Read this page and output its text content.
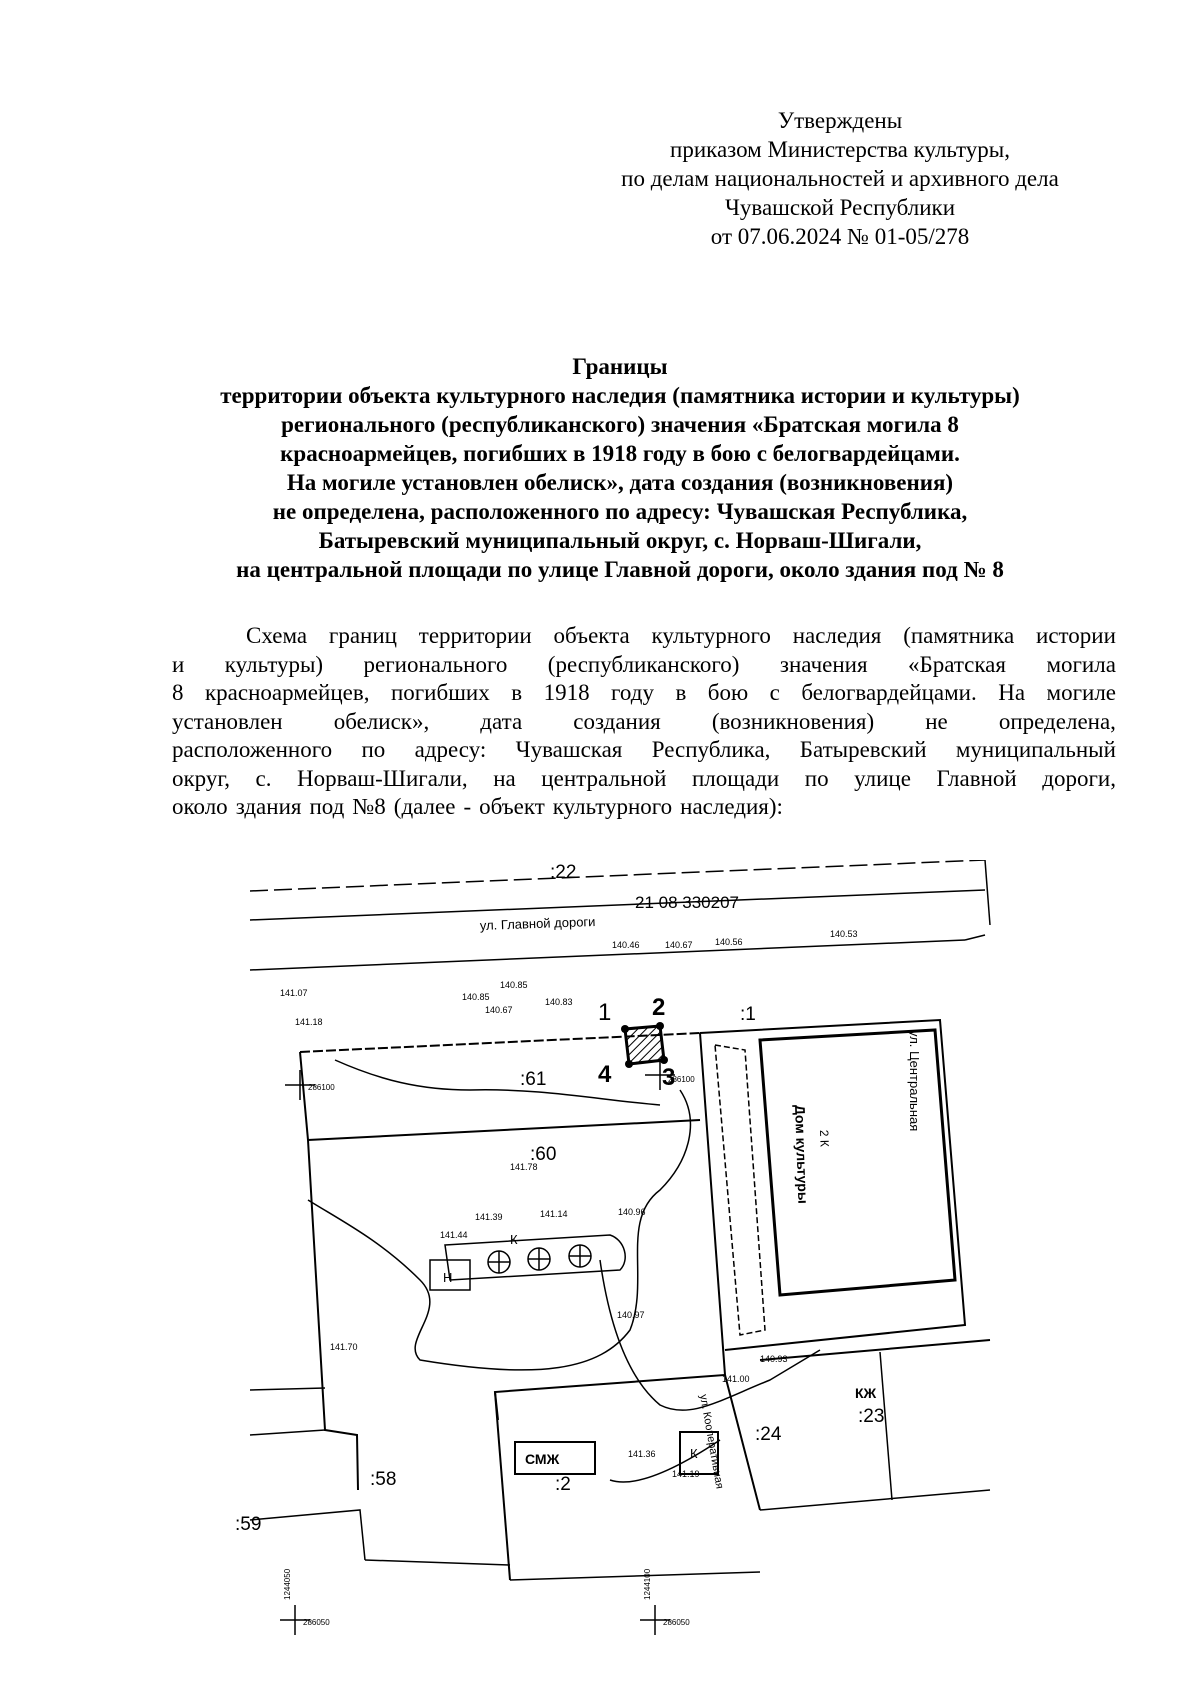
Утверждены
приказом Министерства культуры,
по делам национальностей и архивного дела
Чувашской Республики
от 07.06.2024 № 01-05/278
Границы
территории объекта культурного наследия (памятника истории и культуры)
регионального (республиканского) значения «Братская могила 8
красноармейцев, погибших в 1918 году в бою с белогвардейцами.
На могиле установлен обелиск», дата создания (возникновения)
не определена, расположенного по адресу: Чувашская Республика,
Батыревский муниципальный округ, с. Норваш-Шигали,
на центральной площади по улице Главной дороги, около здания под № 8
Схема границ территории объекта культурного наследия (памятника истории
и культуры) регионального (республиканского) значения «Братская могила
8 красноармейцев, погибших в 1918 году в бою с белогвардейцами. На могиле
установлен обелиск», дата создания (возникновения) не определена,
расположенного по адресу: Чувашская Республика, Батыревский муниципальный
округ, с. Норваш-Шигали, на центральной площади по улице Главной дороги,
около здания под №8 (далее - объект культурного наследия):
:22
21 08 330207
ул. Главной дороги
1 2
3
4
:61
:60
:1
:58	:2
:24
:23
:59
Дом культуры 2 К
Н
К
СМЖ	К
КЖ
ул. Центральная
ул. Кооперативная
140.46	140.56
140.53
140.67
141.07
141.18
140.83
140.85
140.67
141.39	141.14
141.44
140.96
140.97
140.93
141.00
141.19
141.36
141.70
141.78
140.85
286100
286100
286050	286050
1244050	1244100
